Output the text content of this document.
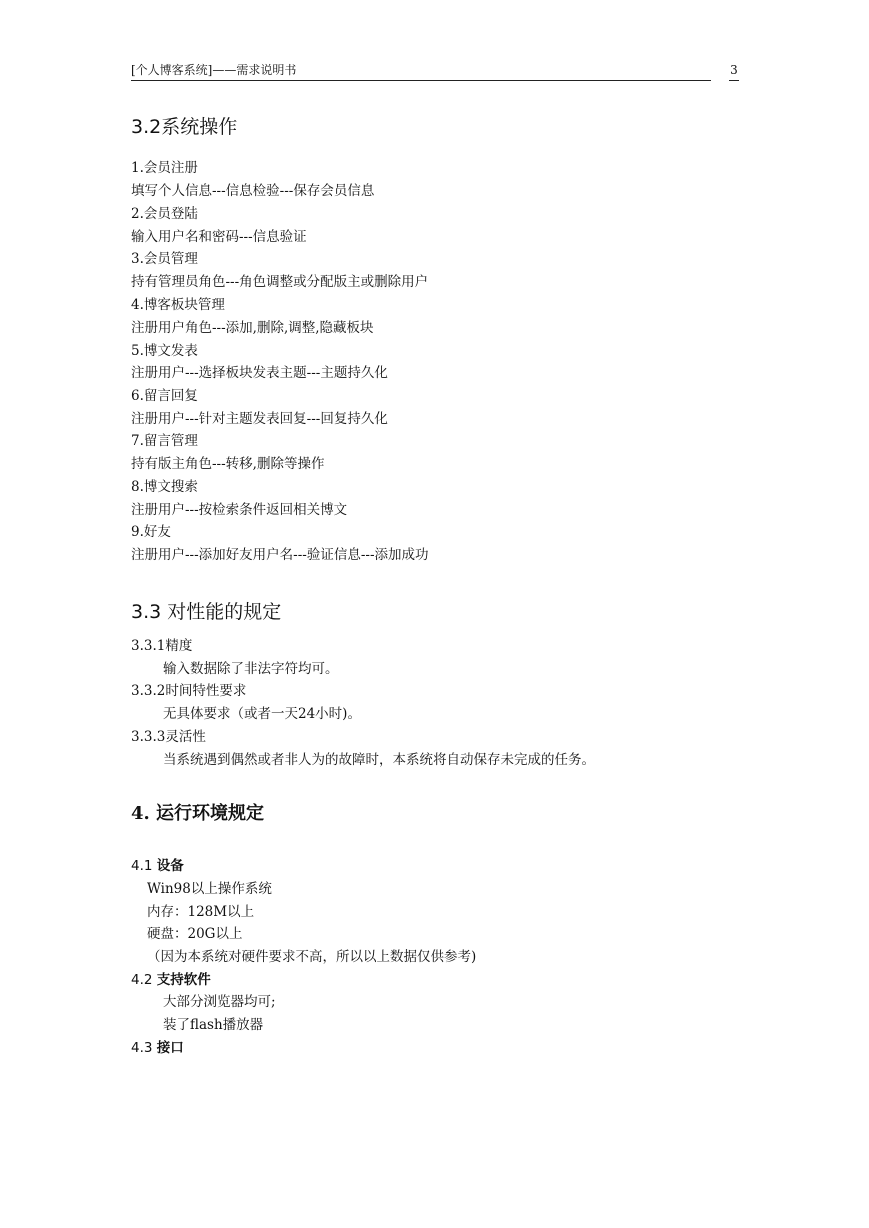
[个人博客系统]——需求说明书	3
3.2系统操作
1.会员注册
填写个人信息---信息检验---保存会员信息
2.会员登陆
输入用户名和密码---信息验证
3.会员管理
持有管理员角色---角色调整或分配版主或删除用户
4.博客板块管理
注册用户角色---添加,删除,调整,隐藏板块
5.博文发表
注册用户---选择板块发表主题---主题持久化
6.留言回复
注册用户---针对主题发表回复---回复持久化
7.留言管理
持有版主角色---转移,删除等操作
8.博文搜索
注册用户---按检索条件返回相关博文
9.好友
注册用户---添加好友用户名---验证信息---添加成功
3.3 对性能的规定
3.3.1精度
输入数据除了非法字符均可。
3.3.2时间特性要求
无具体要求（或者一天24小时)。
3.3.3灵活性
当系统遇到偶然或者非人为的故障时，本系统将自动保存未完成的任务。
4. 运行环境规定
4.1 设备
Win98以上操作系统
内存：128M以上
硬盘：20G以上
（因为本系统对硬件要求不高，所以以上数据仅供参考)
4.2 支持软件
大部分浏览器均可;
装了flash播放器
4.3 接口
